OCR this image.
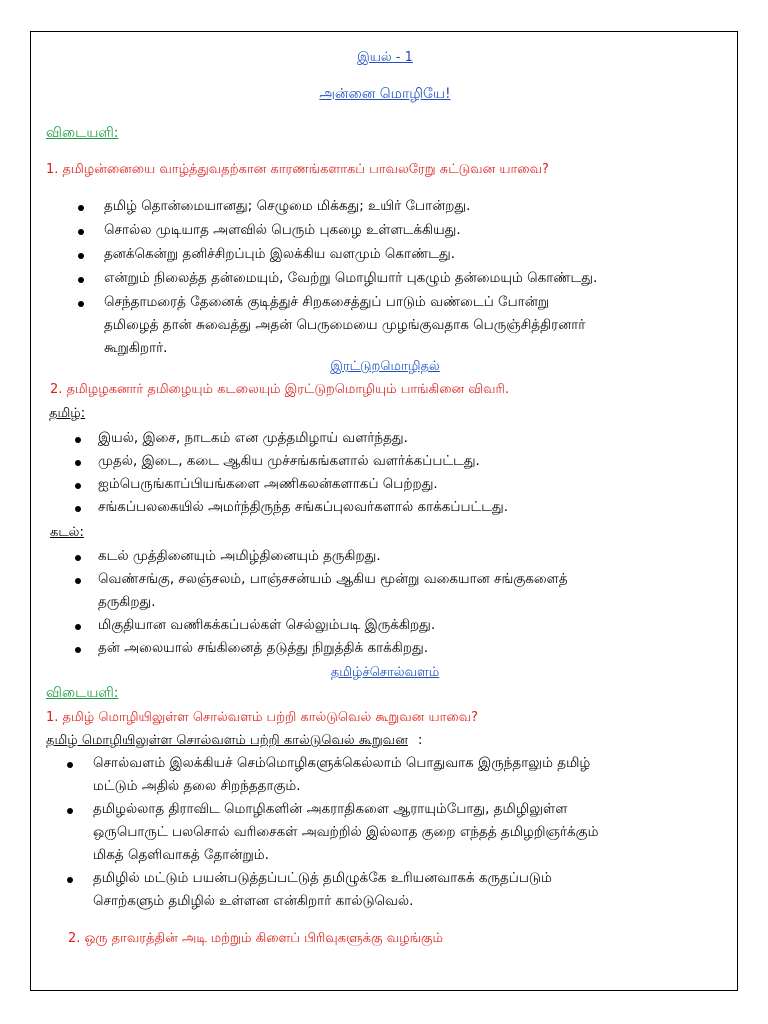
இயல் - 1
அன்னை மொழியே!
விடையளி:
1. தமிழன்னையை வாழ்த்துவதற்கான காரணங்களாகப் பாவலரேறு சுட்டுவன யாவை?
தமிழ் தொன்மையானது; செழுமை மிக்கது; உயிர் போன்றது.
சொல்ல முடியாத அளவில் பெரும் புகழை உள்ளடக்கியது.
தனக்கென்று தனிச்சிறப்பும் இலக்கிய வளமும் கொண்டது.
என்றும் நிலைத்த தன்மையும், வேற்று மொழியார் புகழும் தன்மையும் கொண்டது.
செந்தாமரைத் தேனைக் குடித்துச் சிறகசைத்துப் பாடும் வண்டைப் போன்று
தமிழைத் தான் சுவைத்து அதன் பெருமையை முழங்குவதாக பெருஞ்சித்திரனார்
கூறுகிறார்.
இரட்டுறமொழிதல்
2. தமிழழகனார் தமிழையும் கடலையும் இரட்டுறமொழியும் பாங்கினை விவரி.
தமிழ்:
இயல், இசை, நாடகம் என முத்தமிழாய் வளர்ந்தது.
முதல், இடை, கடை ஆகிய முச்சங்கங்களால் வளர்க்கப்பட்டது.
ஐம்பெருங்காப்பியங்களை அணிகலன்களாகப் பெற்றது.
சங்கப்பலகையில் அமர்ந்திருந்த சங்கப்புலவர்களால் காக்கப்பட்டது.
கடல்:
கடல் முத்தினையும் அமிழ்தினையும் தருகிறது.
வெண்சங்கு, சலஞ்சலம், பாஞ்சசன்யம் ஆகிய மூன்று வகையான சங்குகளைத்
தருகிறது.
மிகுதியான வணிகக்கப்பல்கள் செல்லும்படி இருக்கிறது.
தன் அலையால் சங்கினைத் தடுத்து நிறுத்திக் காக்கிறது.
தமிழ்ச்சொல்வளம்
விடையளி:
1. தமிழ் மொழியிலுள்ள சொல்வளம் பற்றி கால்டுவெல் கூறுவன யாவை?
தமிழ் மொழியிலுள்ள சொல்வளம் பற்றி கால்டுவெல் கூறுவன :
சொல்வளம் இலக்கியச் செம்மொழிகளுக்கெல்லாம் பொதுவாக இருந்தாலும் தமிழ்
மட்டும் அதில் தலை சிறந்ததாகும்.
தமிழல்லாத திராவிட மொழிகளின் அகராதிகளை ஆராயும்போது, தமிழிலுள்ள
ஒருபொருட் பலசொல் வரிசைகள் அவற்றில் இல்லாத குறை எந்தத் தமிழறிஞர்க்கும்
மிகத் தெளிவாகத் தோன்றும்.
தமிழில் மட்டும் பயன்படுத்தப்பட்டுத் தமிழுக்கே உரியனவாகக் கருதப்படும்
சொற்களும் தமிழில் உள்ளன என்கிறார் கால்டுவெல்.
2. ஒரு தாவரத்தின் அடி மற்றும் கிளைப் பிரிவுகளுக்கு வழங்கும்
